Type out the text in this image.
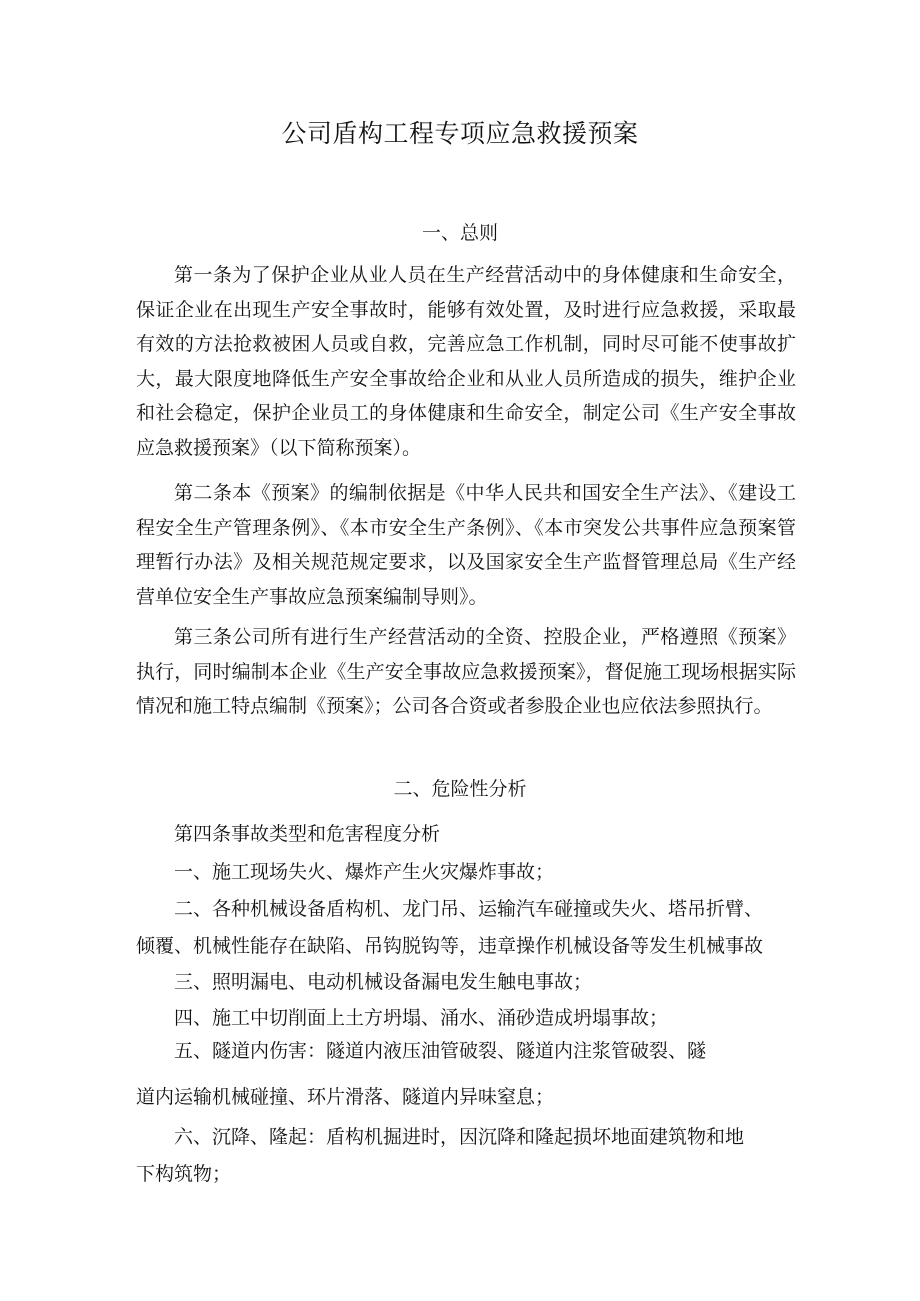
公司盾构工程专项应急救援预案
一、总则
第一条为了保护企业从业人员在生产经营活动中的身体健康和生命安全，保证企业在出现生产安全事故时，能够有效处置，及时进行应急救援，采取最有效的方法抢救被困人员或自救，完善应急工作机制，同时尽可能不使事故扩大，最大限度地降低生产安全事故给企业和从业人员所造成的损失，维护企业和社会稳定，保护企业员工的身体健康和生命安全，制定公司《生产安全事故应急救援预案》（以下简称预案）。
第二条本《预案》的编制依据是《中华人民共和国安全生产法》、《建设工程安全生产管理条例》、《本市安全生产条例》、《本市突发公共事件应急预案管理暂行办法》及相关规范规定要求，以及国家安全生产监督管理总局《生产经营单位安全生产事故应急预案编制导则》。
第三条公司所有进行生产经营活动的全资、控股企业，严格遵照《预案》执行，同时编制本企业《生产安全事故应急救援预案》，督促施工现场根据实际情况和施工特点编制《预案》；公司各合资或者参股企业也应依法参照执行。
二、危险性分析
第四条事故类型和危害程度分析
一、施工现场失火、爆炸产生火灾爆炸事故；
二、各种机械设备盾构机、龙门吊、运输汽车碰撞或失火、塔吊折臂、
倾覆、机械性能存在缺陷、吊钩脱钩等，违章操作机械设备等发生机械事故
三、照明漏电、电动机械设备漏电发生触电事故；
四、施工中切削面上土方坍塌、涌水、涌砂造成坍塌事故；
五、隧道内伤害：隧道内液压油管破裂、隧道内注浆管破裂、隧
道内运输机械碰撞、环片滑落、隧道内异味窒息；
六、沉降、隆起：盾构机掘进时，因沉降和隆起损坏地面建筑物和地
下构筑物；
